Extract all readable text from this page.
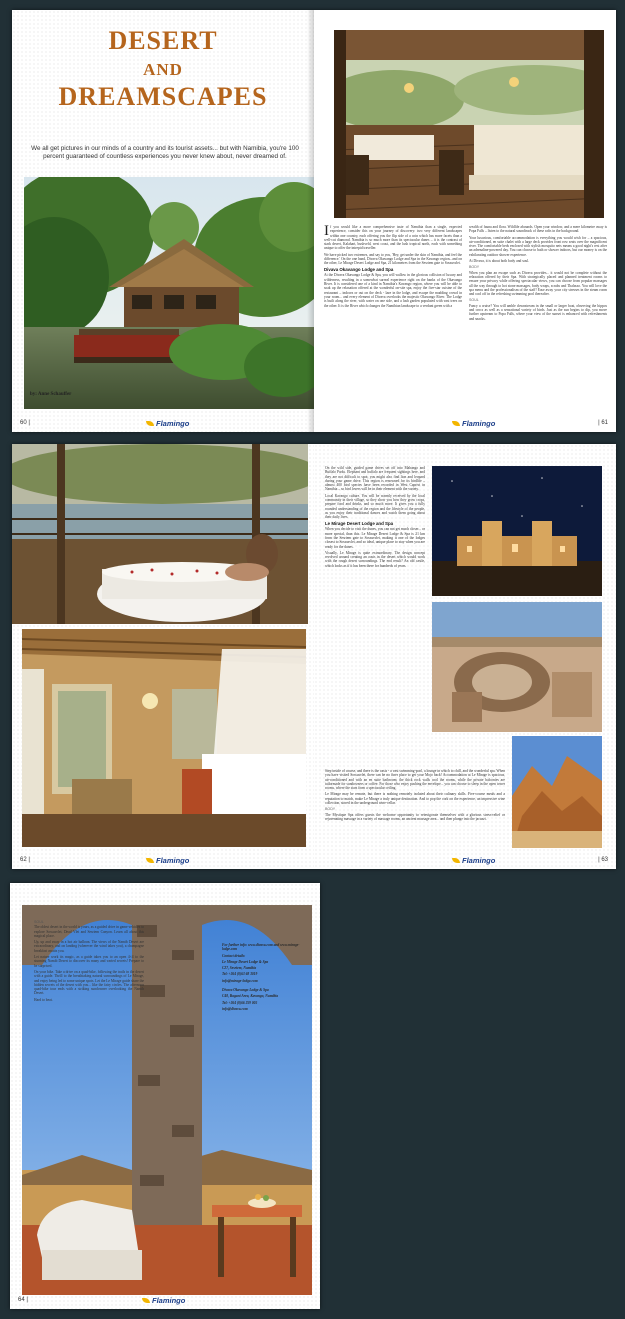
DESERT
AND
DREAMSCAPES
We all get pictures in our minds of a country and its tourist assets... but with Namibia, you're 100 percent guaranteed of countless experiences you never knew about, never dreamed of.
by: Anne Schauffer
60 |

If you would like a more comprehensive taste of Namibia than a single, expected experience, consider this on your journey of discovery: two very different landscapes within one country, each offering you the flip side of a coin which has more facets than a well-cut diamond. Namibia is so much more than its spectacular dunes – it is the contrast of stark desert, Kalahari, bushveld, west coast, and the lush tropical north, each with something unique to offer the intrepid traveller.

We have picked two extremes, and say to you, 'Hey, get under the skin of Namibia, and feel the difference.' On the one hand, Divava Okavango Lodge and Spa in the Kavango region...and on the other, Le Mirage Desert Lodge and Spa, 21 kilometres from the Sesriem gate to Sossusvlei.

Divava Okavango Lodge and Spa

At the Divava Okavango Lodge & Spa, you will wallow in the glorious collision of luxury and wilderness, resulting in a somewhat surreal experience right on the banks of the Okavango River. It is considered one of a kind in Namibia's Kavango region, where you will be able to soak up the relaxation offered at the wonderful on-site spa, enjoy the five-star cuisine of the restaurant – indoors or out on the deck - laze in the lodge, and escape the madding crowd in your room... and every element of Divava overlooks the majestic Okavango River. The Lodge is built along the river, with water on one side, and a lush garden populated with vast trees on the other. It is the River which changes the Namibian landscape to a verdant green with a

wealth of fauna and flora. Wildlife abounds. Open your window, and a mere kilometre away is Popa Falls – listen to the natural soundtrack of these rafts in the background.

Your luxurious, comfortable accommodation is everything you would wish for – a spacious, air-conditioned, en suite chalet with a large deck provides front row seats over the magnificent river. The comfortable beds enclosed with stylish mosquito nets means a good night's rest after an adrenaline-powered day. You can choose to bath or shower indoors, but our money is on the exhilarating outdoor shower experience.

At Divava, it is about both body and soul.

BODY

When you plan an escape such as Divava provides... it would not be complete without the relaxation offered by their Spa. With strategically placed and planned treatment rooms to ensure your privacy while offering spectacular views, you can choose from popular massages all the way through to hot stone massages, body wraps, scrubs and Thalasso. You will love the spa menu and the professionalism of the staff! Ease away your city stresses in the steam room and cool off in the refreshing swimming pool thereafter.

SOUL

Fancy a cruise? You will amble downstream in the small or larger boat, observing the hippos and crocs as well as a sensational variety of birds. Just as the sun begins to dip, you move further upstream to Popa Falls, where your view of the sunset is enhanced with refreshments and snacks.

| 61
Flamingo	Flamingo

On the wild side, guided game drives set off into Mahango and Buffalo Parks. Elephant and buffalo are frequent sightings here, and they are not difficult to spot; you might also find lion and leopard during your game drive. This region is renowned for its birdlife – almost 400 bird species have been recorded in West Caprivi in Namibia – so bird lovers will be in their element with the variety.

Local Kavango culture. You will be warmly received by the local community in their village, so they show you how they grow crops, prepare food and drinks, and so much more. It gives you a fully rounded understanding of the region and the lifestyle of the people, as you enjoy their traditional dances and watch them going about their daily lives.

Le Mirage Desert Lodge and Spa

When you decide to visit the dunes, you can not get much closer... or more special, than this. Le Mirage Desert Lodge & Spa is 21 km from the Sesriem gate to Sossusvlei, making it one of the lodges closest to Sossusvlei, and so ideal, unique place to stay when you are ready for the dunes.

Visually, Le Mirage is quite extraordinary. The design concept revolved around creating an oasis in the desert which would work with the rough desert surroundings. The end result? An old castle, which looks as if it has been there for hundreds of years.

Step inside of course, and there is the oasis - a vast swimming-pool, a lounge in which to chill, and the wonderful spa. When you have visited Sossusvlei, there can be no finer place to get your Mojo back! Accommodation at Le Mirage is spacious, air-conditioned and with an en suite bathroom; the thick rock walls cool the rooms, while the private balconies are tailormade for sundowners or coffee. For those who enjoy pushing the envelope... you can choose to sleep in the open tower rooms, where the stars form a spectacular ceiling.

Le Mirage may be remote, but there is nothing remotely isolated about their culinary skills. Five-course meals and a reputation to match, make Le Mirage a truly unique destination. And to pop the cork on the experience, an impressive wine collection, stored in the underground wine-cellar.

BODY

The Mystique Spa offers guests the welcome opportunity to reinvigorate themselves with a glorious stress-relief or rejuvenating massage in a variety of massage rooms, an ancient massage area... and then plunge into the jacuzzi.

62 |	| 63
Flamingo	Flamingo
SOUL

The oldest desert in the world is yours, as a guided drive in game vehicles to explore Sossusvlei, Dead Vlei and Sesriem Canyon. Learn all about this magical place.

Up, up and away in a hot air balloon. The views of the Namib Desert are extraordinary, and on landing (wherever the wind takes you), a champagne breakfast awaits you.

Let nature work its magic, as a guide takes you to an open 4×4 to the stunning Namib Desert to discover its many and varied secrets! Prepare to be surprised.

On your bike. Take a drive on a quad-bike, following the trails in the desert with a guide. Thrill to the breathtaking natural surroundings of Le Mirage, and enjoy being led to some unique spots. Let the Le Mirage guide share the hidden secrets of the desert with you... like the fairy circles. The afternoon quad-bike tour ends with a striking sundowner overlooking the Namib Desert.

Hard to beat.

For further info: www.divava.com and www.mirage-lodge.com

Contact details:

Le Mirage Desert Lodge & Spa

C27, Sesriem, Namibia

Tel: +264 (0)63 68 3019

info@mirage-lodge.com

Divava Okavango Lodge & Spa

C48, Bagani Area, Kavango, Namibia

Tel: +264 (0)66 259 005

info@divava.com

64 |	Flamingo
